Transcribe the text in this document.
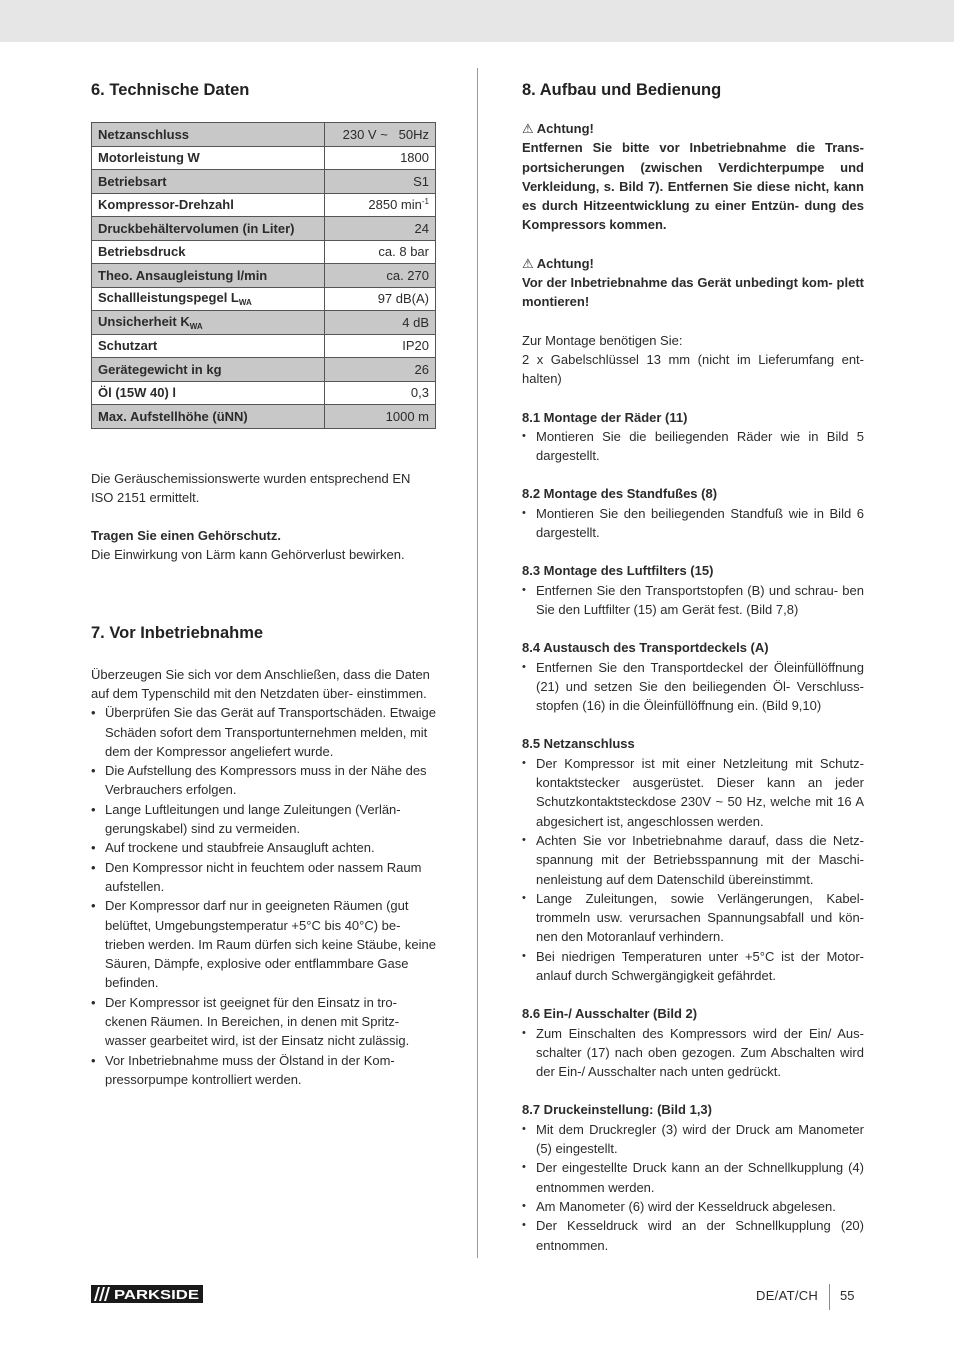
6. Technische Daten
Netzanschluss	230 V ~   50Hz
Motorleistung W	1800
Betriebsart	S1
Kompressor-Drehzahl	2850 $\min^{-1}$
Druckbehältervolumen (in Liter)	24
Betriebsdruck	ca. 8 bar
Theo. Ansaugleistung l/min	ca. 270
Schallleistungspegel $L_{WA}$	97 dB(A)
Unsicherheit $K_{WA}$	4 dB
Schutzart	IP20
Gerätegewicht in kg	26
Öl (15W 40) l	0,3
Max. Aufstellhöhe (üNN)	1000 m

Die Geräuschemissionswerte wurden entsprechend EN ISO 2151 ermittelt.

Tragen Sie einen Gehörschutz.

Die Einwirkung von Lärm kann Gehörverlust bewirken.

7. Vor Inbetriebnahme

Überzeugen Sie sich vor dem Anschließen, dass die Daten auf dem Typenschild mit den Netzdaten über- einstimmen.

• Überprüfen Sie das Gerät auf Transportschäden. Etwaige Schäden sofort dem Transportunternehmen melden, mit dem der Kompressor angeliefert wurde.
• Die Aufstellung des Kompressors muss in der Nähe des Verbrauchers erfolgen.
• Lange Luftleitungen und lange Zuleitungen (Verlän- gerungskabel) sind zu vermeiden.
• Auf trockene und staubfreie Ansaugluft achten.
• Den Kompressor nicht in feuchtem oder nassem Raum aufstellen.
• Der Kompressor darf nur in geeigneten Räumen (gut belüftet, Umgebungstemperatur +5°C bis 40°C) be- trieben werden. Im Raum dürfen sich keine Stäube, keine Säuren, Dämpfe, explosive oder entflammbare Gase befinden.
• Der Kompressor ist geeignet für den Einsatz in tro- ckenen Räumen. In Bereichen, in denen mit Spritz- wasser gearbeitet wird, ist der Einsatz nicht zulässig.
• Vor Inbetriebnahme muss der Ölstand in der Kom- pressorpumpe kontrolliert werden.
8. Aufbau und Bedienung

⚠ Achtung!

Entfernen Sie bitte vor Inbetriebnahme die Trans- portsicherungen (zwischen Verdichterpumpe und Verkleidung, s. Bild 7). Entfernen Sie diese nicht, kann es durch Hitzeentwicklung zu einer Entzün- dung des Kompressors kommen.

⚠ Achtung!

Vor der Inbetriebnahme das Gerät unbedingt kom- plett montieren!

Zur Montage benötigen Sie:

2 x Gabelschlüssel 13 mm (nicht im Lieferumfang ent- halten)

8.1 Montage der Räder (11)
• Montieren Sie die beiliegenden Räder wie in Bild 5 dargestellt.
8.2 Montage des Standfußes (8)
• Montieren Sie den beiliegenden Standfuß wie in Bild 6 dargestellt.
8.3 Montage des Luftfilters (15)
• Entfernen Sie den Transportstopfen (B) und schrau- ben Sie den Luftfilter (15) am Gerät fest. (Bild 7,8)
8.4 Austausch des Transportdeckels (A)
• Entfernen Sie den Transportdeckel der Öleinfüllöffnung (21) und setzen Sie den beiliegenden Öl- Verschluss- stopfen (16) in die Öleinfüllöffnung ein. (Bild 9,10)
8.5 Netzanschluss
• Der Kompressor ist mit einer Netzleitung mit Schutz- kontaktstecker ausgerüstet. Dieser kann an jeder Schutzkontaktsteckdose 230V ~ 50 Hz, welche mit 16 A abgesichert ist, angeschlossen werden.
• Achten Sie vor Inbetriebnahme darauf, dass die Netz- spannung mit der Betriebsspannung mit der Maschi- nenleistung auf dem Datenschild übereinstimmt.
• Lange Zuleitungen, sowie Verlängerungen, Kabel- trommeln usw. verursachen Spannungsabfall und kön- nen den Motoranlauf verhindern.
• Bei niedrigen Temperaturen unter +5°C ist der Motor- anlauf durch Schwergängigkeit gefährdet.
8.6 Ein-/ Ausschalter (Bild 2)
• Zum Einschalten des Kompressors wird der Ein/ Aus- schalter (17) nach oben gezogen. Zum Abschalten wird der Ein-/ Ausschalter nach unten gedrückt.
8.7 Druckeinstellung: (Bild 1,3)
• Mit dem Druckregler (3) wird der Druck am Manometer (5) eingestellt.
• Der eingestellte Druck kann an der Schnellkupplung (4) entnommen werden.
• Am Manometer (6) wird der Kesseldruck abgelesen.
• Der Kesseldruck wird an der Schnellkupplung (20) entnommen.
PARKSIDE	DE/AT/CH 55
